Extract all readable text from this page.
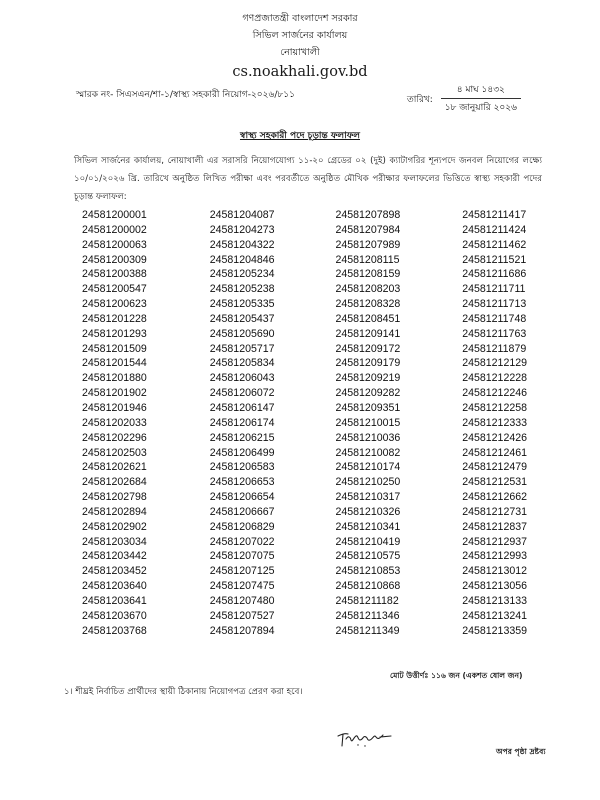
গণপ্রজাতন্ত্রী বাংলাদেশ সরকার
সিভিল সার্জনের কার্যালয়
নোয়াখালী
cs.noakhali.gov.bd
স্মারক নং- সিএসএন/শা-১/স্বাস্থ্য সহকারী নিয়োগ-২০২৬/৮১১	তারিখ: $\frac{\text{৪ মাঘ ১৪৩২}}{\text{১৮ জানুয়ারি ২০২৬}}$
স্বাস্থ্য সহকারী পদে চূড়ান্ত ফলাফল
সিভিল সার্জনের কার্যালয়, নোয়াখালী এর সরাসরি নিয়োগযোগ্য ১১-২০ গ্রেডের ০২ (দুই) ক্যাটাগরির শূন্যপদে জনবল নিয়োগের লক্ষ্যে ১০/০১/২০২৬ খ্রি. তারিখে অনুষ্ঠিত লিখিত পরীক্ষা এবং পরবর্তীতে অনুষ্ঠিত মৌখিক পরীক্ষার ফলাফলের ভিত্তিতে স্বাস্থ্য সহকারী পদের চূড়ান্ত ফলাফল:
24581200001
24581200002
24581200063
24581200309
24581200388
24581200547
24581200623
24581201228
24581201293
24581201509
24581201544
24581201880
24581201902
24581201946
24581202033
24581202296
24581202503
24581202621
24581202684
24581202798
24581202894
24581202902
24581203034
24581203442
24581203452
24581203640
24581203641
24581203670
24581203768
24581204087
24581204273
24581204322
24581204846
24581205234
24581205238
24581205335
24581205437
24581205690
24581205717
24581205834
24581206043
24581206072
24581206147
24581206174
24581206215
24581206499
24581206583
24581206653
24581206654
24581206667
24581206829
24581207022
24581207075
24581207125
24581207475
24581207480
24581207527
24581207894
24581207898
24581207984
24581207989
24581208115
24581208159
24581208203
24581208328
24581208451
24581209141
24581209172
24581209179
24581209219
24581209282
24581209351
24581210015
24581210036
24581210082
24581210174
24581210250
24581210317
24581210326
24581210341
24581210419
24581210575
24581210853
24581210868
24581211182
24581211346
24581211349
24581211417
24581211424
24581211462
24581211521
24581211686
24581211711
24581211713
24581211748
24581211763
24581211879
24581212129
24581212228
24581212246
24581212258
24581212333
24581212426
24581212461
24581212479
24581212531
24581212662
24581212731
24581212837
24581212937
24581212993
24581213012
24581213056
24581213133
24581213241
24581213359
মোট উত্তীর্ণঃ ১১৬ জন (একশত ষোল জন)
১। শীঘ্রই নির্বাচিত প্রার্থীদের স্থায়ী ঠিকানায় নিয়োগপত্র প্রেরণ করা হবে।
অপর পৃষ্ঠা দ্রষ্টব্য
